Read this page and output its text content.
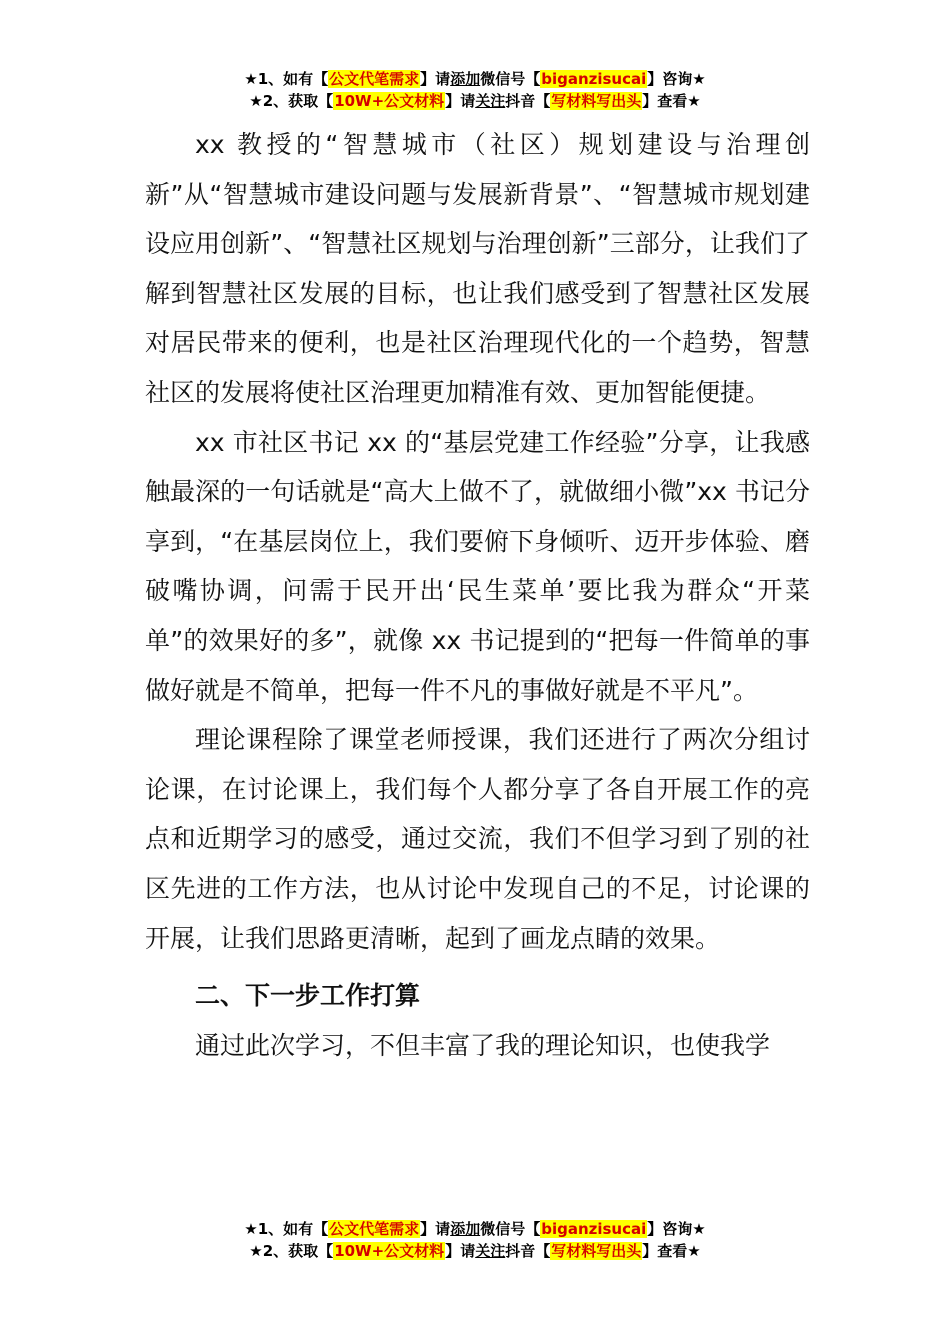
★1、如有【公文代笔需求】请添加微信号【biganzisucai】咨询★
★2、获取【10W+公文材料】请关注抖音【写材料写出头】查看★

xx 教授的“智慧城市（社区）规划建设与治理创新”从“智慧城市建设问题与发展新背景”、“智慧城市规划建设应用创新”、“智慧社区规划与治理创新”三部分，让我们了解到智慧社区发展的目标，也让我们感受到了智慧社区发展对居民带来的便利，也是社区治理现代化的一个趋势，智慧社区的发展将使社区治理更加精准有效、更加智能便捷。

xx 市社区书记 xx 的“基层党建工作经验”分享，让我感触最深的一句话就是“高大上做不了，就做细小微”xx 书记分享到，“在基层岗位上，我们要俯下身倾听、迈开步体验、磨破嘴协调，问需于民开出‘民生菜单’要比我为群众“开菜单”的效果好的多”，就像 xx 书记提到的“把每一件简单的事做好就是不简单，把每一件不凡的事做好就是不平凡”。

理论课程除了课堂老师授课，我们还进行了两次分组讨论课，在讨论课上，我们每个人都分享了各自开展工作的亮点和近期学习的感受，通过交流，我们不但学习到了别的社区先进的工作方法，也从讨论中发现自己的不足，讨论课的开展，让我们思路更清晰，起到了画龙点睛的效果。

二、下一步工作打算

通过此次学习，不但丰富了我的理论知识，也使我学

★1、如有【公文代笔需求】请添加微信号【biganzisucai】咨询★
★2、获取【10W+公文材料】请关注抖音【写材料写出头】查看★
